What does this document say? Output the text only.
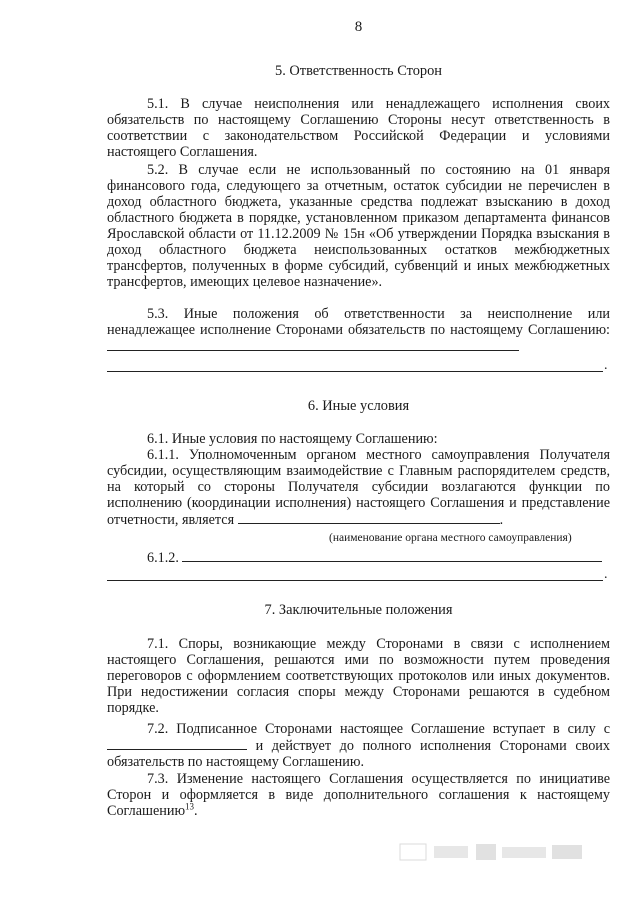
8
5. Ответственность Сторон

5.1. В случае неисполнения или ненадлежащего исполнения своих обязательств по настоящему Соглашению Стороны несут ответственность в соответствии с законодательством Российской Федерации и условиями настоящего Соглашения.

5.2. В случае если не использованный по состоянию на 01 января финансового года, следующего за отчетным, остаток субсидии не перечислен в доход областного бюджета, указанные средства подлежат взысканию в доход областного бюджета в порядке, установленном приказом департамента финансов Ярославской области от 11.12.2009 № 15н «Об утверждении Порядка взыскания в доход областного бюджета неиспользованных остатков межбюджетных трансфертов, полученных в форме субсидий, субвенций и иных межбюджетных трансфертов, имеющих целевое назначение».

5.3. Иные положения об ответственности за неисполнение или ненадлежащее исполнение Сторонами обязательств по настоящему Соглашению:

.
6. Иные условия

6.1. Иные условия по настоящему Соглашению:

6.1.1. Уполномоченным органом местного самоуправления Получателя субсидии, осуществляющим взаимодействие с Главным распорядителем средств, на который со стороны Получателя субсидии возлагаются функции по исполнению (координации исполнения) настоящего Соглашения и представление отчетности, является	.

(наименование органа местного самоуправления)

6.1.2.

.
7. Заключительные положения

7.1. Споры, возникающие между Сторонами в связи с исполнением настоящего Соглашения, решаются ими по возможности путем проведения переговоров с оформлением соответствующих протоколов или иных документов. При недостижении согласия споры между Сторонами решаются в судебном порядке.

7.2. Подписанное Сторонами настоящее Соглашение вступает в силу с  и действует до полного исполнения Сторонами своих обязательств по настоящему Соглашению.

7.3. Изменение настоящего Соглашения осуществляется по инициативе Сторон и оформляется в виде дополнительного соглашения к настоящему Соглашению$^{13}$.
